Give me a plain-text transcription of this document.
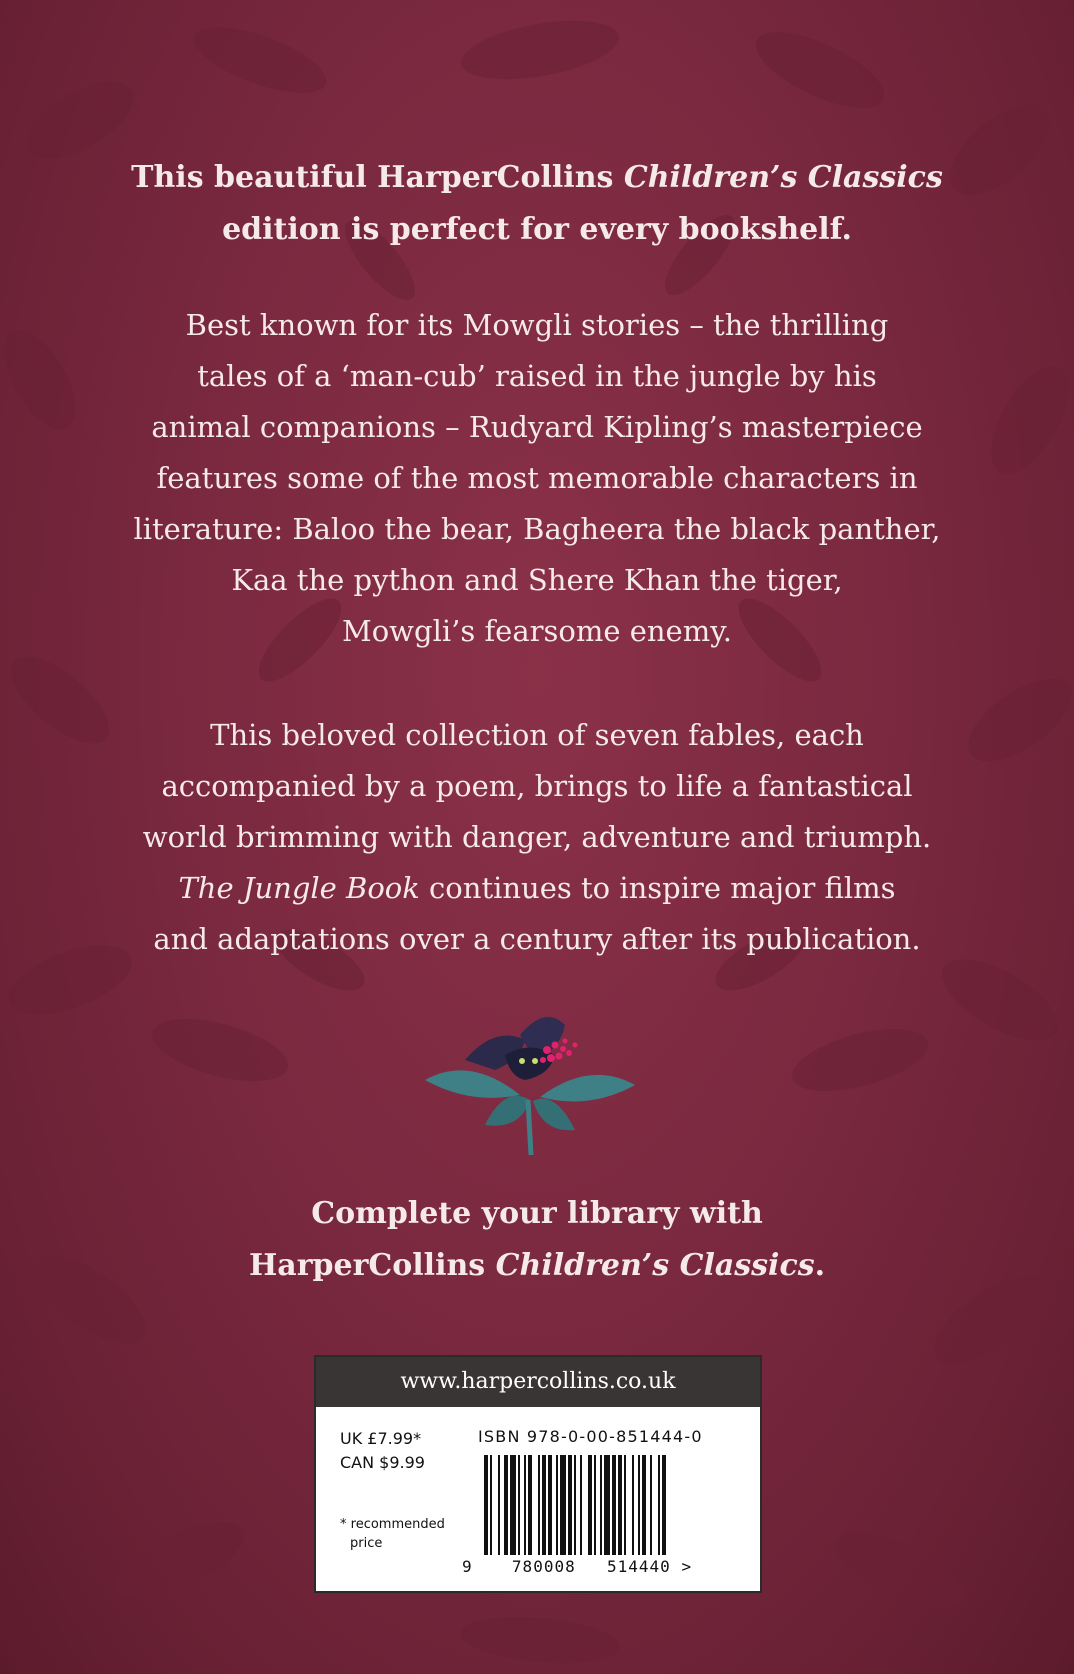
This beautiful HarperCollins Children’s Classics
edition is perfect for every bookshelf.
Best known for its Mowgli stories – the thrilling
tales of a ‘man-cub’ raised in the jungle by his
animal companions – Rudyard Kipling’s masterpiece
features some of the most memorable characters in
literature: Baloo the bear, Bagheera the black panther,
Kaa the python and Shere Khan the tiger,
Mowgli’s fearsome enemy.
This beloved collection of seven fables, each
accompanied by a poem, brings to life a fantastical
world brimming with danger, adventure and triumph.
The Jungle Book continues to inspire major films
and adaptations over a century after its publication.
Complete your library with
HarperCollins Children’s Classics.
www.harpercollins.co.uk
UK £7.99*
CAN $9.99
* recommended
price
ISBN 978-0-00-851444-0
9 780008 514440 >
